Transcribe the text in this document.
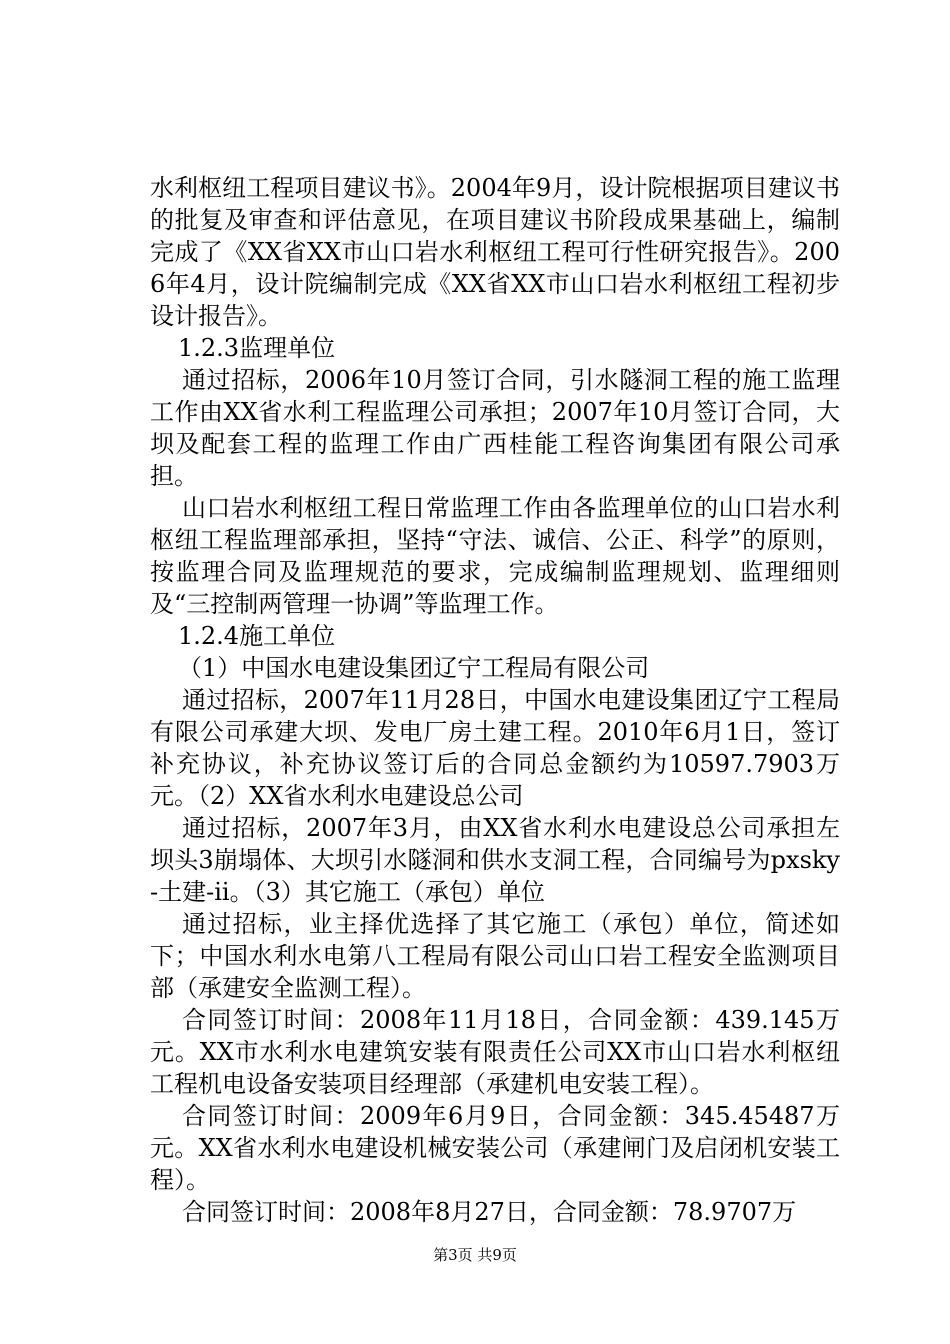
水利枢纽工程项目建议书》。2004年9月，设计院根据项目建议书的批复及审查和评估意见，在项目建议书阶段成果基础上，编制完成了《XX省XX市山口岩水利枢纽工程可行性研究报告》。2006年4月，设计院编制完成《XX省XX市山口岩水利枢纽工程初步设计报告》。

1.2.3监理单位

通过招标，2006年10月签订合同，引水隧洞工程的施工监理工作由XX省水利工程监理公司承担；2007年10月签订合同，大坝及配套工程的监理工作由广西桂能工程咨询集团有限公司承担。

山口岩水利枢纽工程日常监理工作由各监理单位的山口岩水利枢纽工程监理部承担，坚持“守法、诚信、公正、科学”的原则，按监理合同及监理规范的要求，完成编制监理规划、监理细则及“三控制两管理一协调”等监理工作。

1.2.4施工单位

（1）中国水电建设集团辽宁工程局有限公司

通过招标，2007年11月28日，中国水电建设集团辽宁工程局有限公司承建大坝、发电厂房土建工程。2010年6月1日，签订补充协议，补充协议签订后的合同总金额约为10597.7903万元。（2）XX省水利水电建设总公司

通过招标，2007年3月，由XX省水利水电建设总公司承担左坝头3崩塌体、大坝引水隧洞和供水支洞工程，合同编号为pxsky-土建-ii。（3）其它施工（承包）单位

通过招标，业主择优选择了其它施工（承包）单位，简述如下；中国水利水电第八工程局有限公司山口岩工程安全监测项目部（承建安全监测工程）。

合同签订时间：2008年11月18日，合同金额：439.145万元。XX市水利水电建筑安装有限责任公司XX市山口岩水利枢纽工程机电设备安装项目经理部（承建机电安装工程）。

合同签订时间：2009年6月9日，合同金额：345.45487万元。XX省水利水电建设机械安装公司（承建闸门及启闭机安装工程）。

合同签订时间：2008年8月27日，合同金额：78.9707万

第3页 共9页
